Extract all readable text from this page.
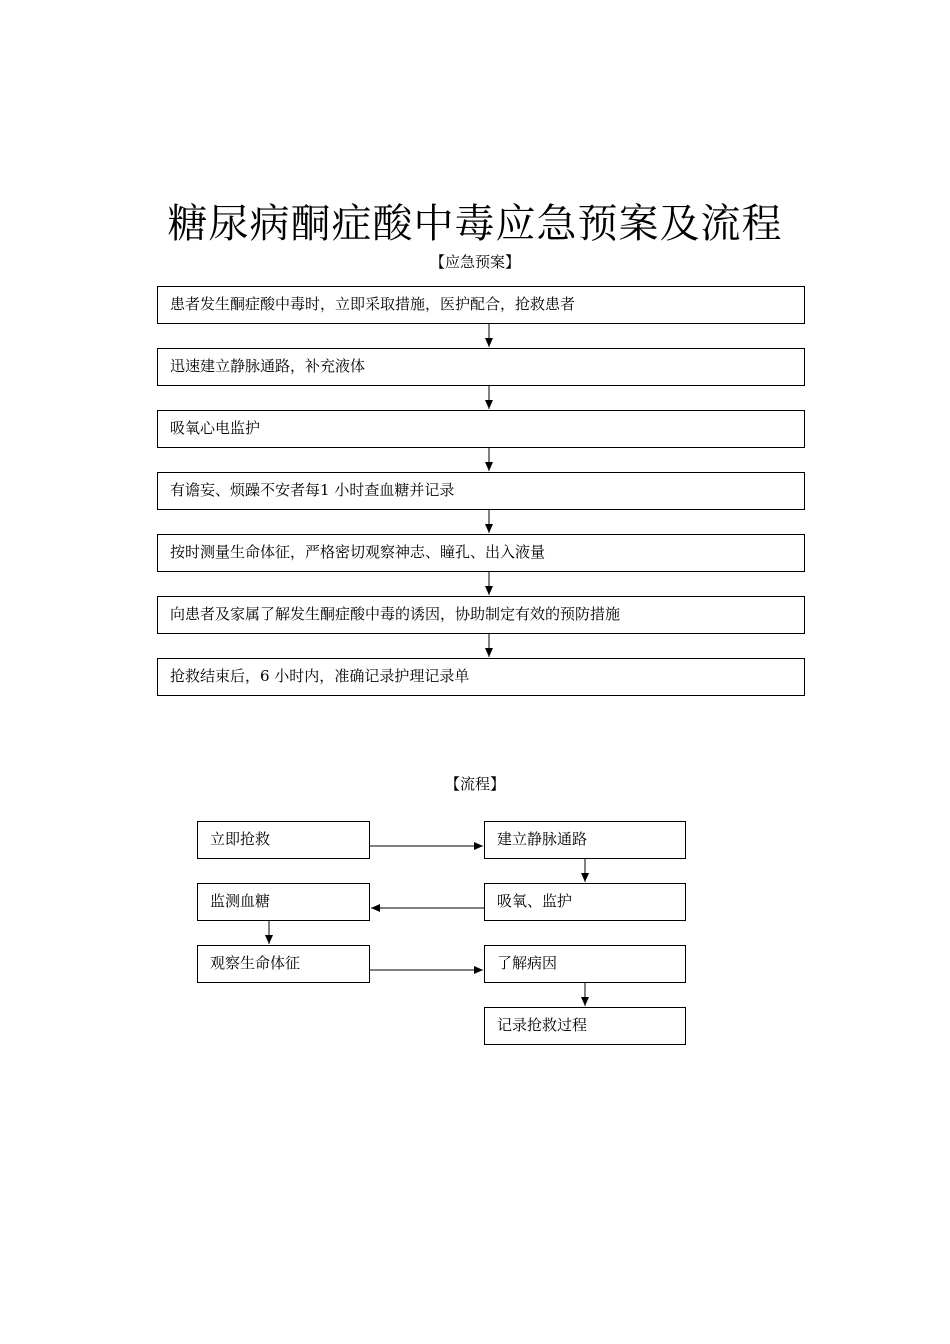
糖尿病酮症酸中毒应急预案及流程
【应急预案】
患者发生酮症酸中毒时，立即采取措施，医护配合，抢救患者
迅速建立静脉通路，补充液体
吸氧心电监护
有谵妄、烦躁不安者每1 小时查血糖并记录
按时测量生命体征，严格密切观察神志、瞳孔、出入液量
向患者及家属了解发生酮症酸中毒的诱因，协助制定有效的预防措施
抢救结束后，6 小时内，准确记录护理记录单
【流程】
立即抢救	建立静脉通路
吸氧、监护
监测血糖
观察生命体征	了解病因
记录抢救过程
